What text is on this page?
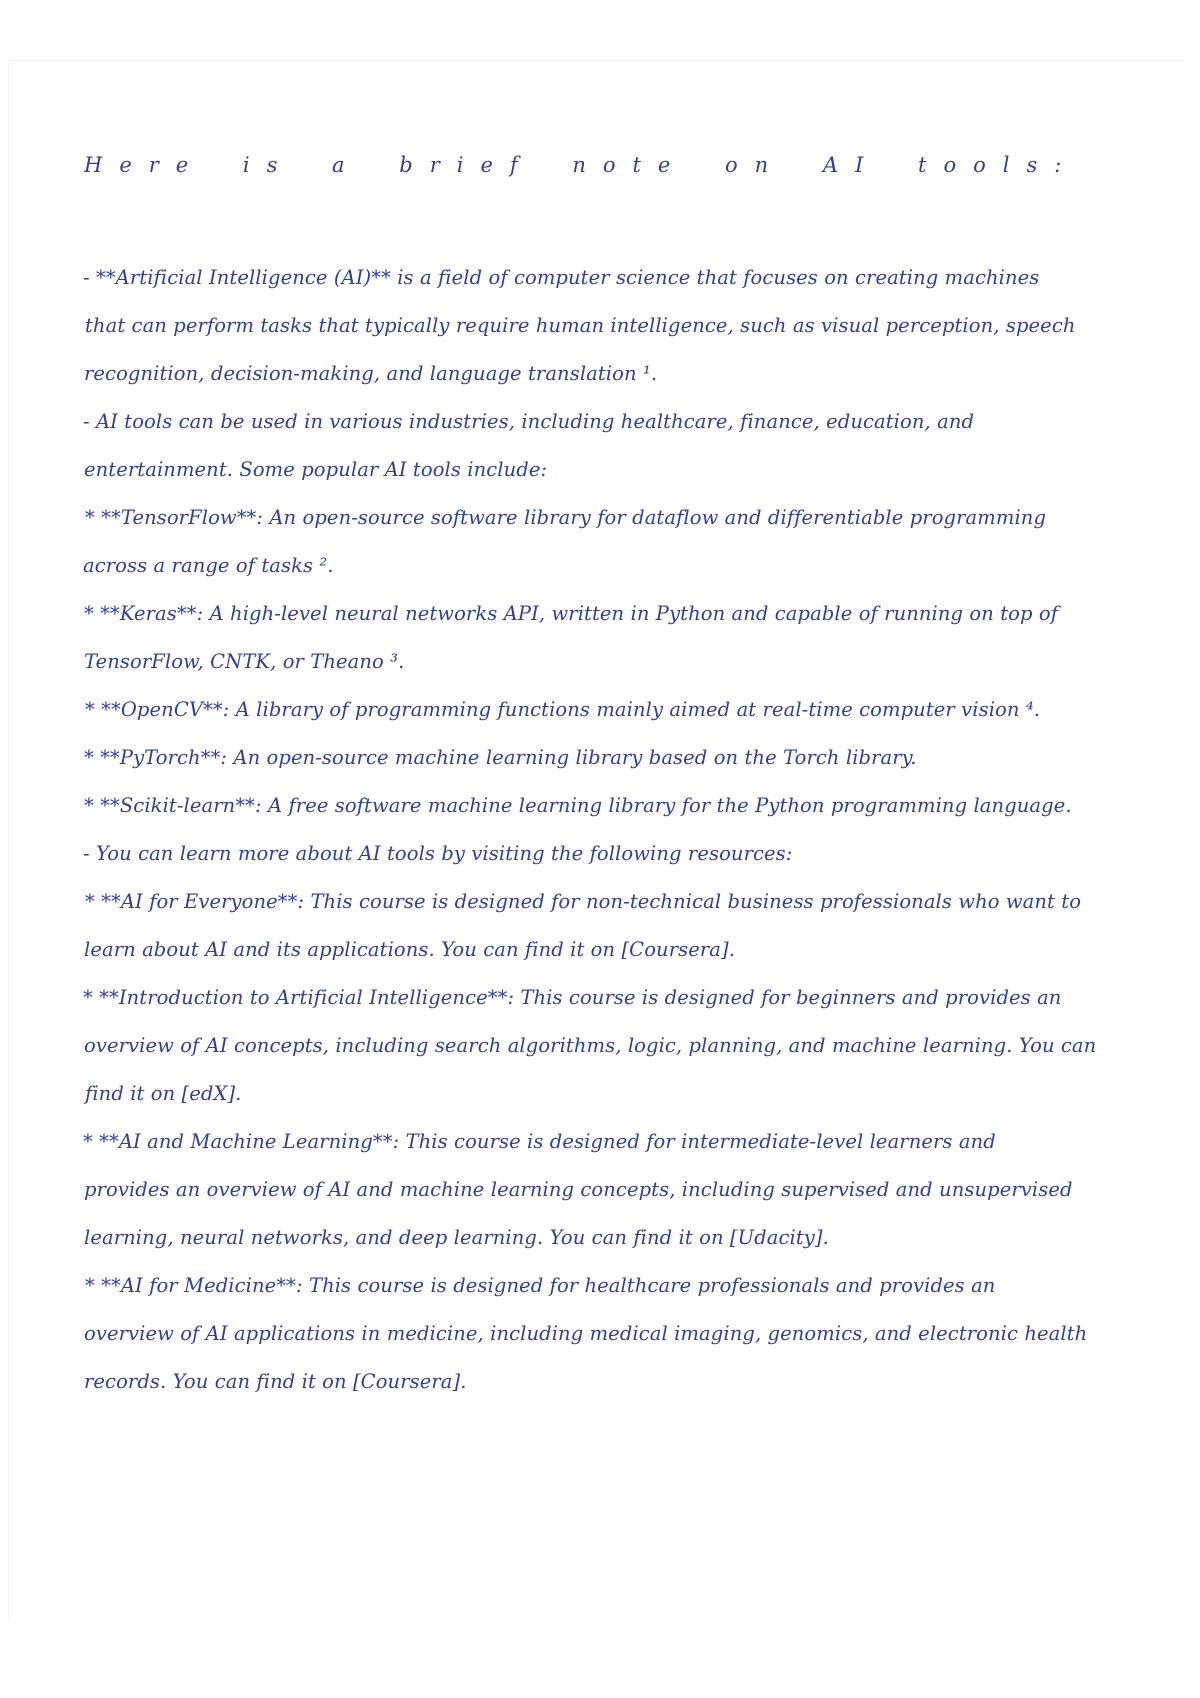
Here is a brief note on AI tools:
- **Artificial Intelligence (AI)** is a field of computer science that focuses on creating machines
that can perform tasks that typically require human intelligence, such as visual perception, speech
recognition, decision-making, and language translation ¹.
- AI tools can be used in various industries, including healthcare, finance, education, and
entertainment. Some popular AI tools include:
* **TensorFlow**: An open-source software library for dataflow and differentiable programming
across a range of tasks ².
* **Keras**: A high-level neural networks API, written in Python and capable of running on top of
TensorFlow, CNTK, or Theano ³.
* **OpenCV**: A library of programming functions mainly aimed at real-time computer vision ⁴.
* **PyTorch**: An open-source machine learning library based on the Torch library.
* **Scikit-learn**: A free software machine learning library for the Python programming language.
- You can learn more about AI tools by visiting the following resources:
* **AI for Everyone**: This course is designed for non-technical business professionals who want to
learn about AI and its applications. You can find it on [Coursera].
* **Introduction to Artificial Intelligence**: This course is designed for beginners and provides an
overview of AI concepts, including search algorithms, logic, planning, and machine learning. You can
find it on [edX].
* **AI and Machine Learning**: This course is designed for intermediate-level learners and
provides an overview of AI and machine learning concepts, including supervised and unsupervised
learning, neural networks, and deep learning. You can find it on [Udacity].
* **AI for Medicine**: This course is designed for healthcare professionals and provides an
overview of AI applications in medicine, including medical imaging, genomics, and electronic health
records. You can find it on [Coursera].
